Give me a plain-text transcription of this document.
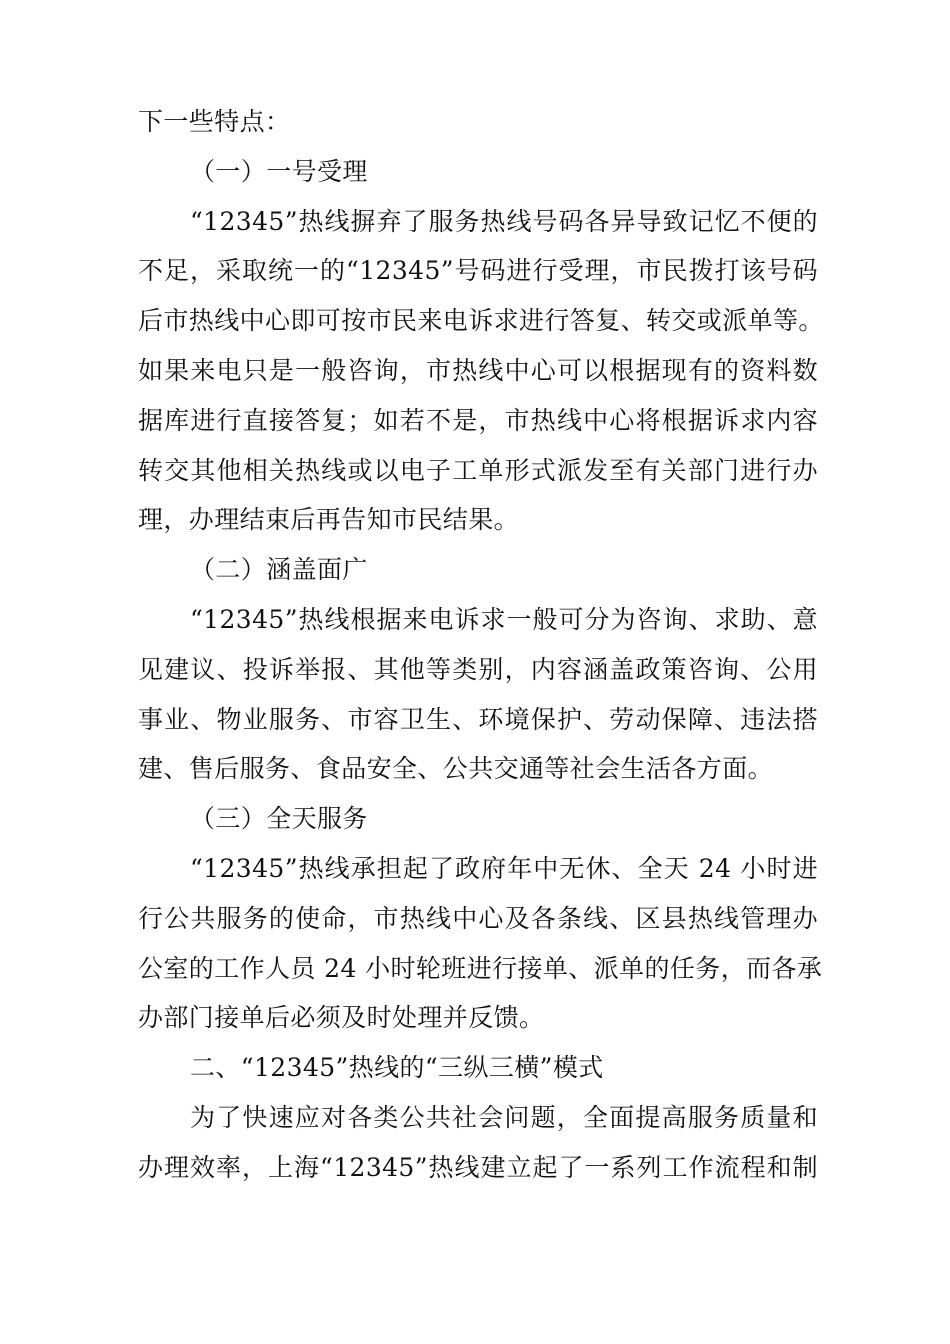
下一些特点：
（一）一号受理
“12345”热线摒弃了服务热线号码各异导致记忆不便的
不足，采取统一的“12345”号码进行受理，市民拨打该号码
后市热线中心即可按市民来电诉求进行答复、转交或派单等。
如果来电只是一般咨询，市热线中心可以根据现有的资料数
据库进行直接答复；如若不是，市热线中心将根据诉求内容
转交其他相关热线或以电子工单形式派发至有关部门进行办
理，办理结束后再告知市民结果。
（二）涵盖面广
“12345”热线根据来电诉求一般可分为咨询、求助、意
见建议、投诉举报、其他等类别，内容涵盖政策咨询、公用
事业、物业服务、市容卫生、环境保护、劳动保障、违法搭
建、售后服务、食品安全、公共交通等社会生活各方面。
（三）全天服务
“12345”热线承担起了政府年中无休、全天 24 小时进
行公共服务的使命，市热线中心及各条线、区县热线管理办
公室的工作人员 24 小时轮班进行接单、派单的任务，而各承
办部门接单后必须及时处理并反馈。
二、“12345”热线的“三纵三横”模式
为了快速应对各类公共社会问题，全面提高服务质量和
办理效率，上海“12345”热线建立起了一系列工作流程和制
